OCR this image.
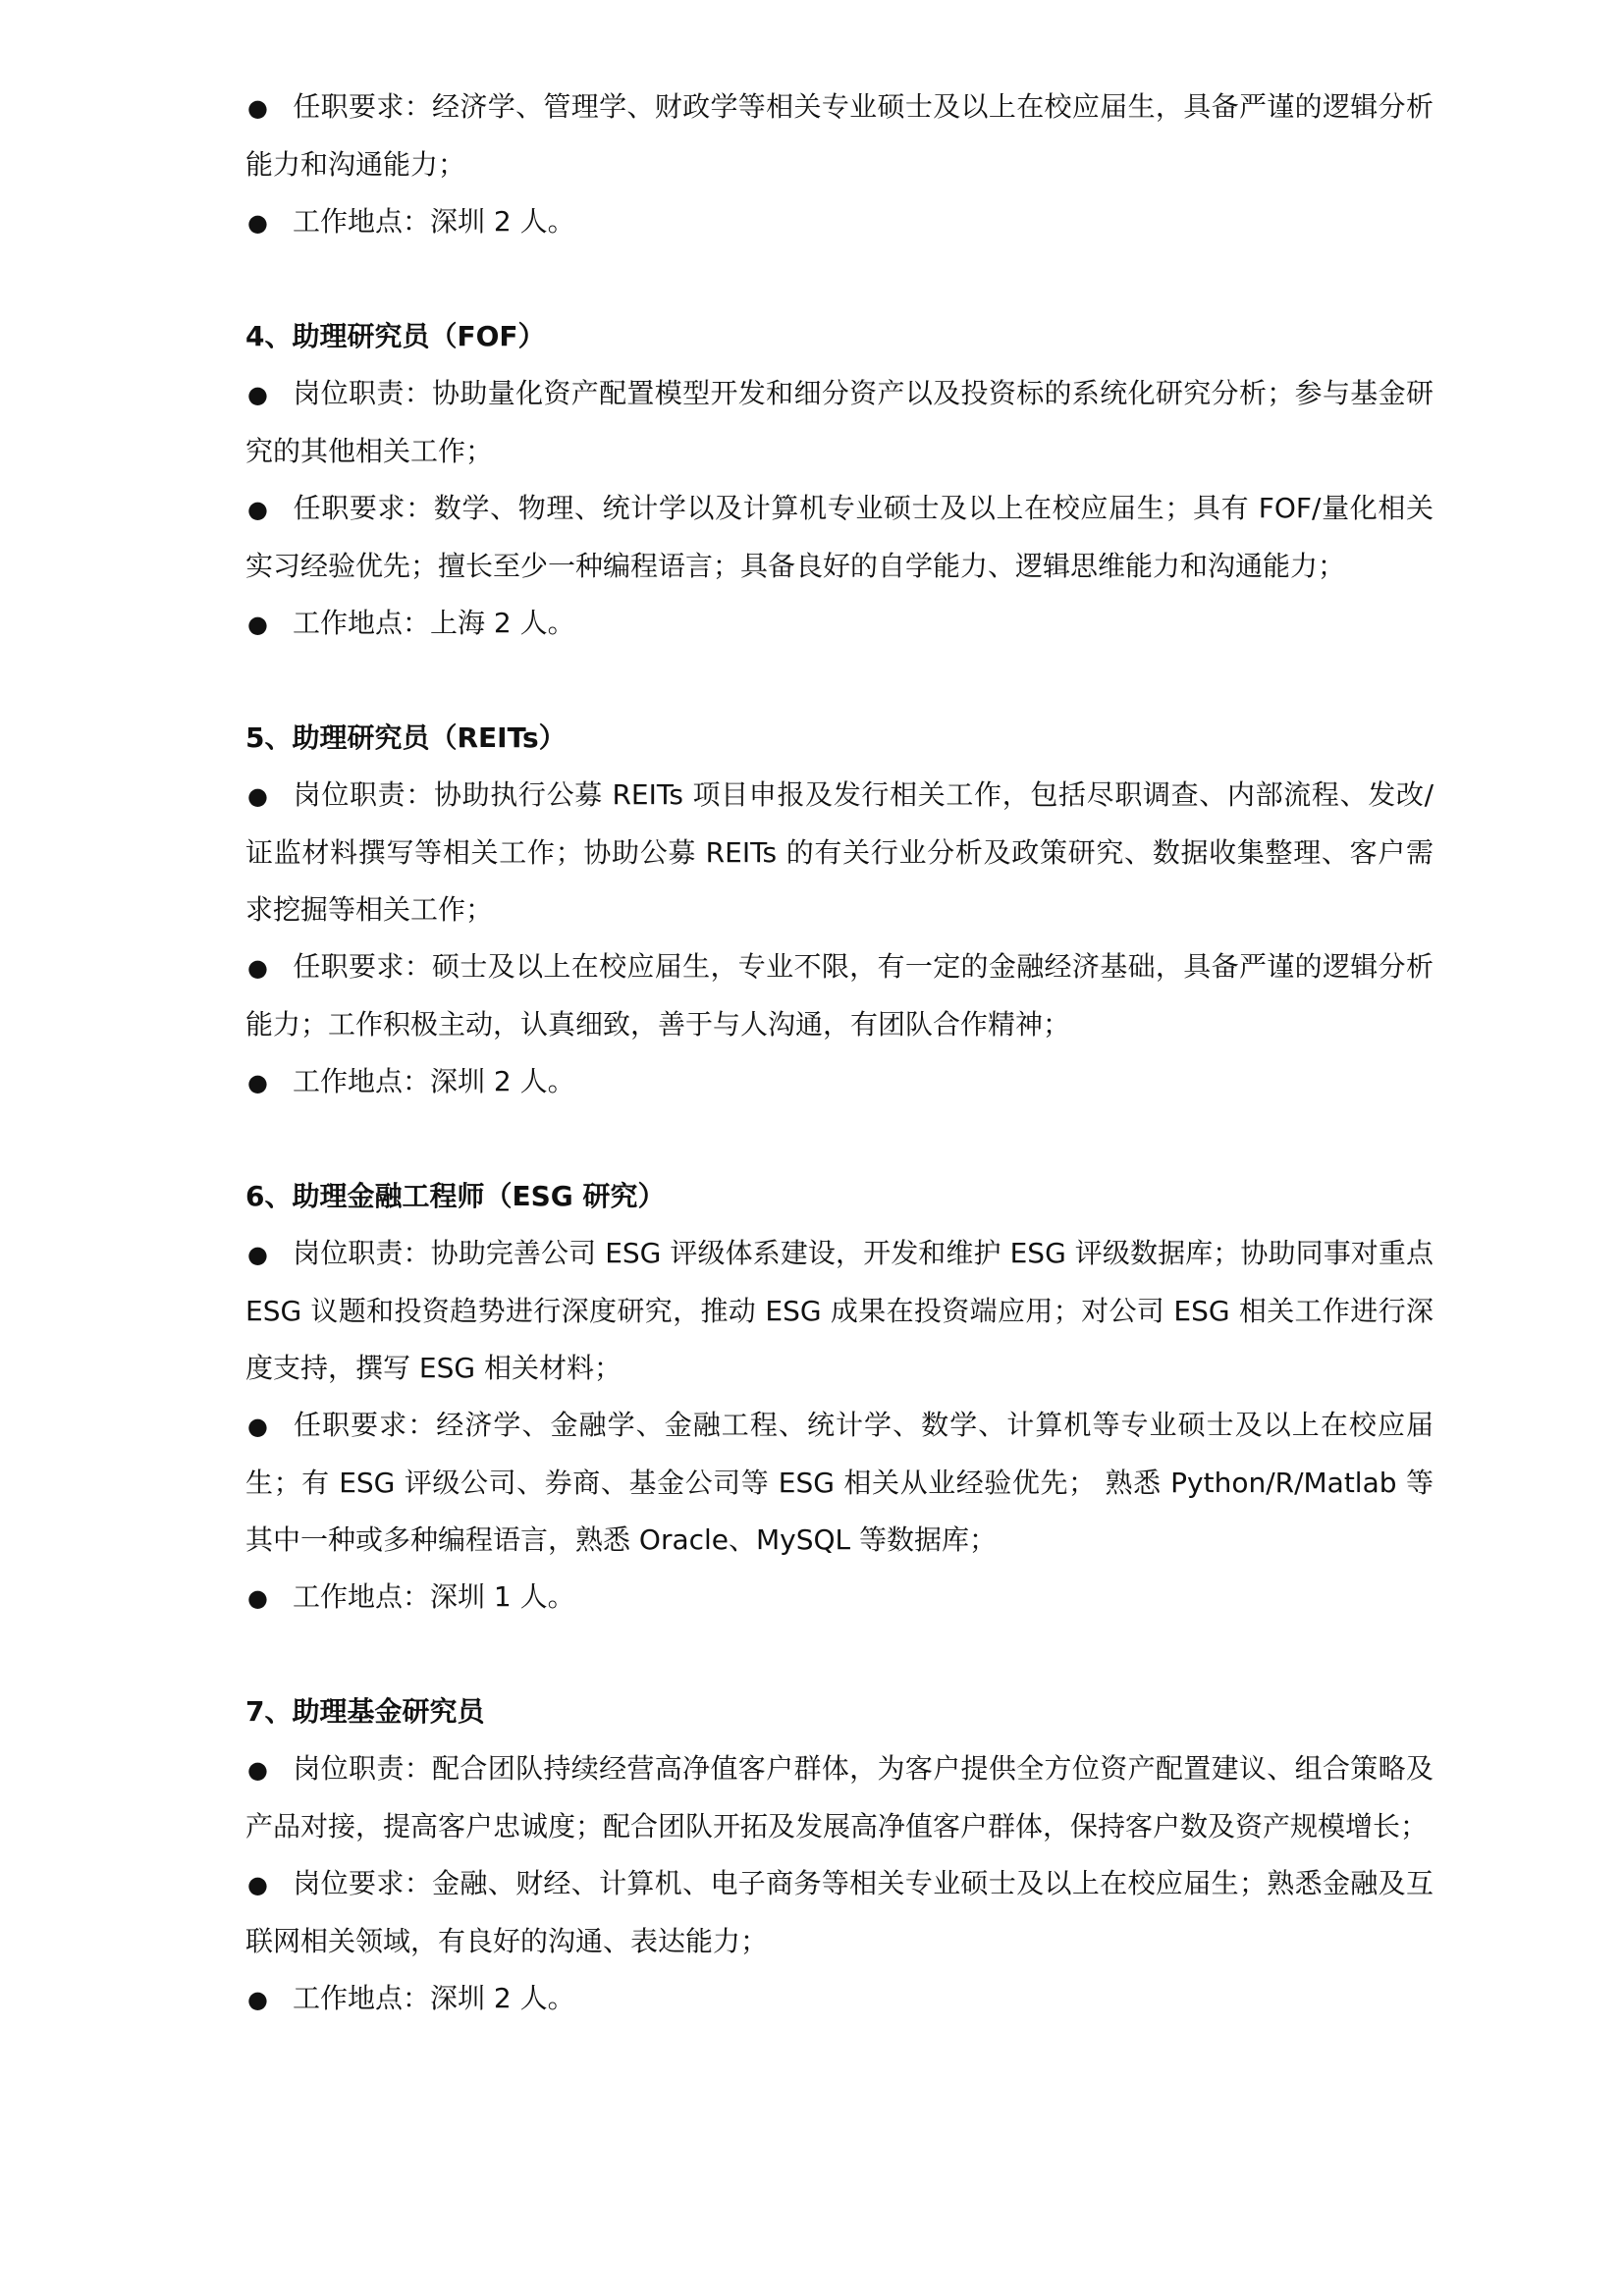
● 任职要求：经济学、管理学、财政学等相关专业硕士及以上在校应届生，具备严谨的逻辑分析能力和沟通能力；

● 工作地点：深圳 2 人。

4、助理研究员（FOF）

● 岗位职责：协助量化资产配置模型开发和细分资产以及投资标的系统化研究分析；参与基金研究的其他相关工作；

● 任职要求：数学、物理、统计学以及计算机专业硕士及以上在校应届生；具有 FOF/量化相关实习经验优先；擅长至少一种编程语言；具备良好的自学能力、逻辑思维能力和沟通能力；

● 工作地点：上海 2 人。

5、助理研究员（REITs）

● 岗位职责：协助执行公募 REITs 项目申报及发行相关工作，包括尽职调查、内部流程、发改/证监材料撰写等相关工作；协助公募 REITs 的有关行业分析及政策研究、数据收集整理、客户需求挖掘等相关工作；

● 任职要求：硕士及以上在校应届生，专业不限，有一定的金融经济基础，具备严谨的逻辑分析能力；工作积极主动，认真细致，善于与人沟通，有团队合作精神；

● 工作地点：深圳 2 人。

6、助理金融工程师（ESG 研究）

● 岗位职责：协助完善公司 ESG 评级体系建设，开发和维护 ESG 评级数据库；协助同事对重点 ESG 议题和投资趋势进行深度研究，推动 ESG 成果在投资端应用；对公司 ESG 相关工作进行深度支持，撰写 ESG 相关材料；

● 任职要求：经济学、金融学、金融工程、统计学、数学、计算机等专业硕士及以上在校应届生；有 ESG 评级公司、券商、基金公司等 ESG 相关从业经验优先； 熟悉 Python/R/Matlab 等其中一种或多种编程语言，熟悉 Oracle、MySQL 等数据库；

● 工作地点：深圳 1 人。

7、助理基金研究员

● 岗位职责：配合团队持续经营高净值客户群体，为客户提供全方位资产配置建议、组合策略及产品对接，提高客户忠诚度；配合团队开拓及发展高净值客户群体，保持客户数及资产规模增长；

● 岗位要求：金融、财经、计算机、电子商务等相关专业硕士及以上在校应届生；熟悉金融及互联网相关领域，有良好的沟通、表达能力；

● 工作地点：深圳 2 人。
